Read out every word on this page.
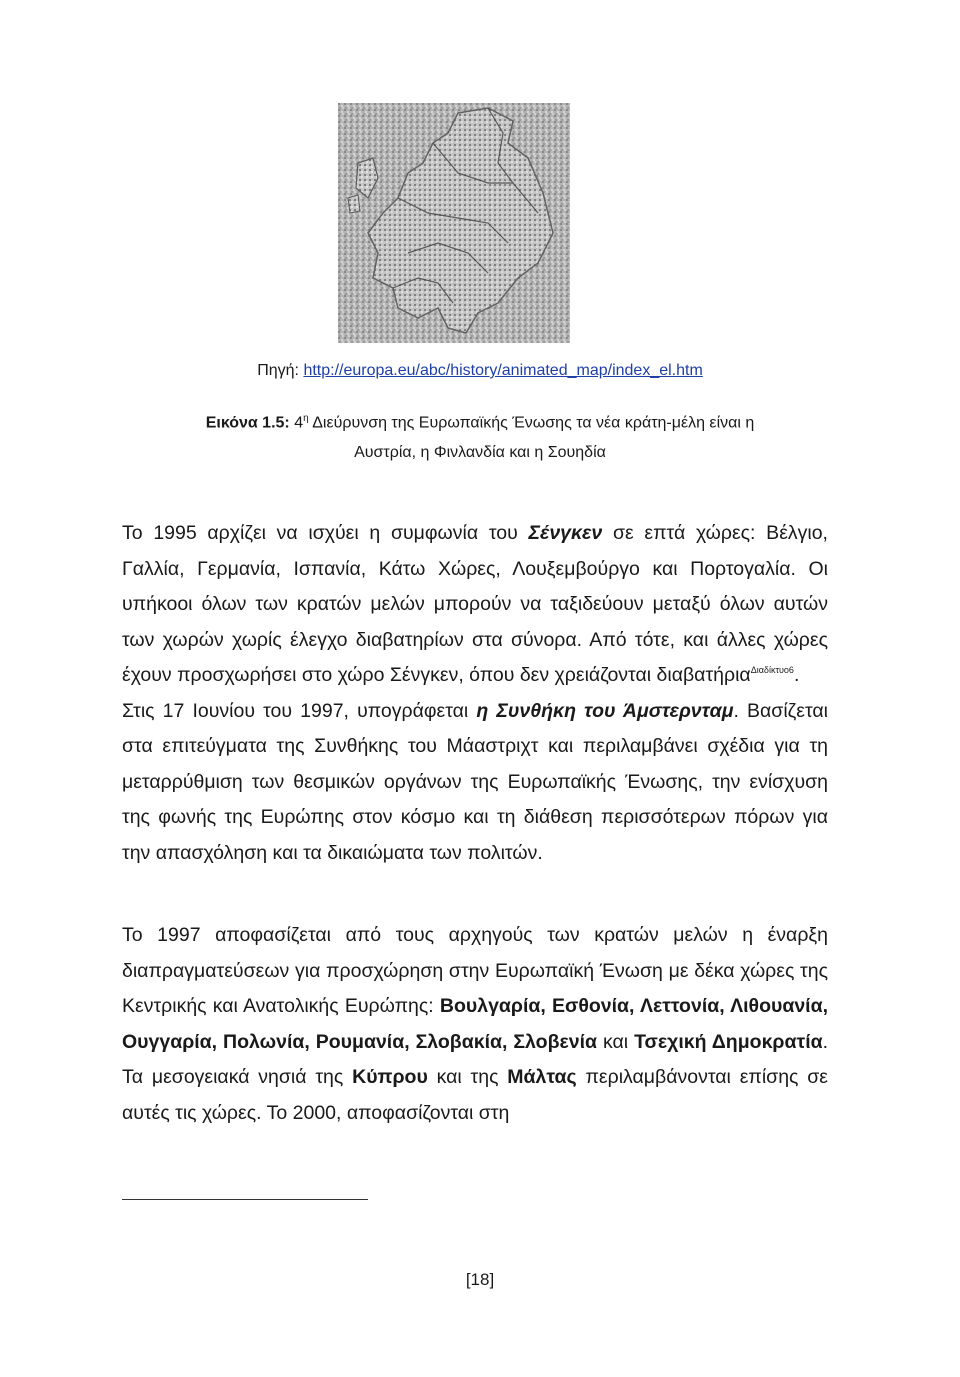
Πηγή: http://europa.eu/abc/history/animated_map/index_el.htm
Εικόνα 1.5: $4^\eta$ Διεύρυνση της Ευρωπαϊκής Ένωσης τα νέα κράτη-μέλη είναι η
Αυστρία, η Φινλανδία και η Σουηδία

Το 1995 αρχίζει να ισχύει η συμφωνία του Σένγκεν σε επτά χώρες: Βέλγιο, Γαλλία, Γερμανία, Ισπανία, Κάτω Χώρες, Λουξεμβούργο και Πορτογαλία. Οι υπήκοοι όλων των κρατών μελών μπορούν να ταξιδεύουν μεταξύ όλων αυτών των χωρών χωρίς έλεγχο διαβατηρίων στα σύνορα. Από τότε, και άλλες χώρες έχουν προσχωρήσει στο χώρο Σένγκεν, όπου δεν χρειάζονται διαβατήρια$^{\Delta\iota\alpha\delta ί\kappa\tau\upsilon o6}$.
Στις 17 Ιουνίου του 1997, υπογράφεται η Συνθήκη του Άμστερνταμ. Βασίζεται στα επιτεύγματα της Συνθήκης του Μάαστριχτ και περιλαμβάνει σχέδια για τη μεταρρύθμιση των θεσμικών οργάνων της Ευρωπαϊκής Ένωσης, την ενίσχυση της φωνής της Ευρώπης στον κόσμο και τη διάθεση περισσότερων πόρων για την απασχόληση και τα δικαιώματα των πολιτών.

Το 1997 αποφασίζεται από τους αρχηγούς των κρατών μελών η έναρξη διαπραγματεύσεων για προσχώρηση στην Ευρωπαϊκή Ένωση με δέκα χώρες της Κεντρικής και Ανατολικής Ευρώπης: Βουλγαρία, Εσθονία, Λεττονία, Λιθουανία, Ουγγαρία, Πολωνία, Ρουμανία, Σλοβακία, Σλοβενία και Τσεχική Δημοκρατία. Τα μεσογειακά νησιά της Κύπρου και της Μάλτας περιλαμβάνονται επίσης σε αυτές τις χώρες. Το 2000, αποφασίζονται στη

[18]
